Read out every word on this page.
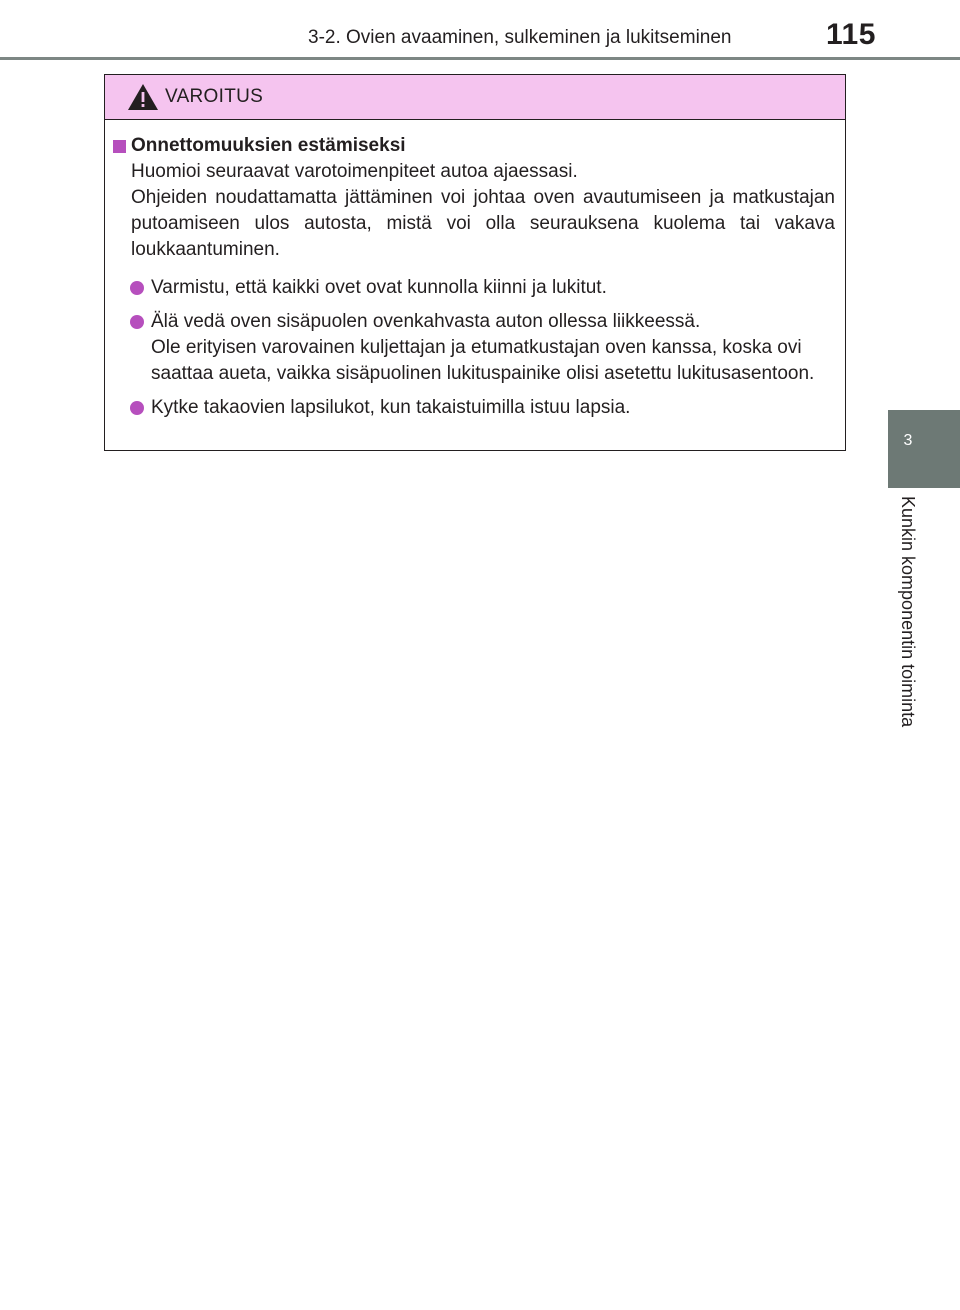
3-2. Ovien avaaminen, sulkeminen ja lukitseminen	115
3
Kunkin komponentin toiminta
VAROITUS
Onnettomuuksien estämiseksi
Huomioi seuraavat varotoimenpiteet autoa ajaessasi.
Ohjeiden noudattamatta jättäminen voi johtaa oven avautumiseen ja matkustajan putoamiseen ulos autosta, mistä voi olla seurauksena kuolema tai vakava loukkaantuminen.
Varmistu, että kaikki ovet ovat kunnolla kiinni ja lukitut.
Älä vedä oven sisäpuolen ovenkahvasta auton ollessa liikkeessä.
Ole erityisen varovainen kuljettajan ja etumatkustajan oven kanssa, koska ovi saattaa aueta, vaikka sisäpuolinen lukituspainike olisi asetettu lukitusasentoon.
Kytke takaovien lapsilukot, kun takaistuimilla istuu lapsia.
